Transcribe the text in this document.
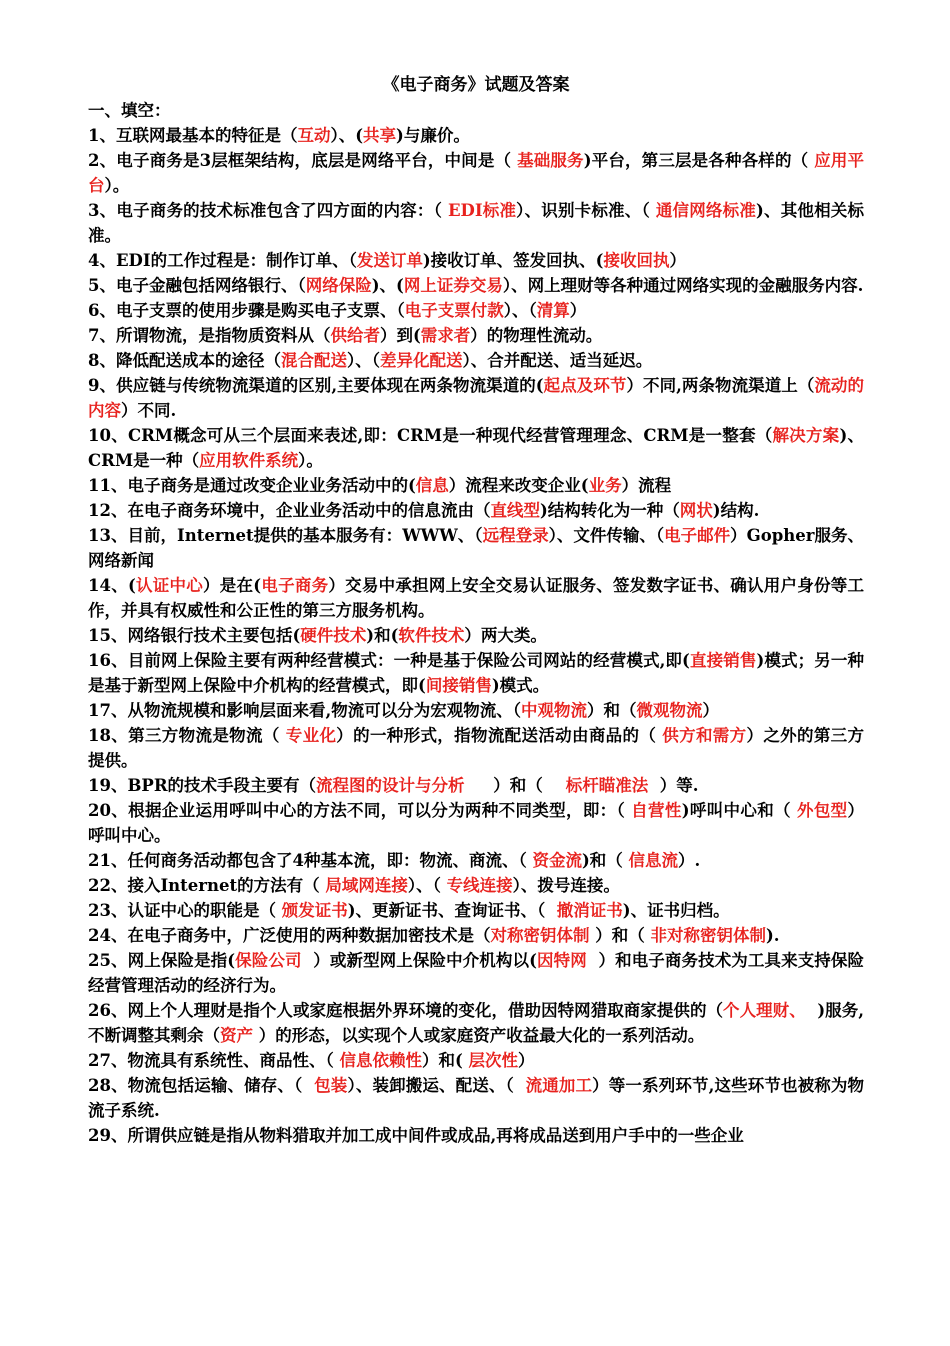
《电子商务》试题及答案

一、填空：

1、互联网最基本的特征是（互动）、(共享)与廉价。

2、电子商务是3层框架结构，底层是网络平台，中间是（ 基础服务)平台，第三层是各种各样的（ 应用平台）。

3、电子商务的技术标准包含了四方面的内容：（ EDI标准）、识别卡标准、（ 通信网络标准)、其他相关标准。

4、EDI的工作过程是：制作订单、（发送订单)接收订单、签发回执、(接收回执）

5、电子金融包括网络银行、（网络保险)、(网上证券交易）、网上理财等各种通过网络实现的金融服务内容.

6、电子支票的使用步骤是购买电子支票、（电子支票付款）、（清算）

7、所谓物流，是指物质资料从（供给者）到(需求者）的物理性流动。

8、降低配送成本的途径（混合配送）、（差异化配送）、合并配送、适当延迟。

9、供应链与传统物流渠道的区别,主要体现在两条物流渠道的(起点及环节）不同,两条物流渠道上（流动的内容）不同.

10、CRM概念可从三个层面来表述,即：CRM是一种现代经营管理理念、CRM是一整套（解决方案)、CRM是一种（应用软件系统）。

11、电子商务是通过改变企业业务活动中的(信息）流程来改变企业(业务）流程

12、在电子商务环境中，企业业务活动中的信息流由（直线型)结构转化为一种（网状)结构.

13、目前，Internet提供的基本服务有：WWW、（远程登录）、文件传输、（电子邮件）Gopher服务、网络新闻

14、(认证中心）是在(电子商务）交易中承担网上安全交易认证服务、签发数字证书、确认用户身份等工作，并具有权威性和公正性的第三方服务机构。

15、网络银行技术主要包括(硬件技术)和(软件技术）两大类。

16、目前网上保险主要有两种经营模式：一种是基于保险公司网站的经营模式,即(直接销售)模式；另一种是基于新型网上保险中介机构的经营模式，即(间接销售)模式。

17、从物流规模和影响层面来看,物流可以分为宏观物流、（中观物流）和（微观物流）

18、第三方物流是物流（ 专业化）的一种形式，指物流配送活动由商品的（ 供方和需方）之外的第三方提供。

19、BPR的技术手段主要有（流程图的设计与分析     ）和（    标杆瞄准法  ）等.

20、根据企业运用呼叫中心的方法不同，可以分为两种不同类型，即：（ 自营性)呼叫中心和（ 外包型）呼叫中心。

21、任何商务活动都包含了4种基本流，即：物流、商流、（ 资金流)和（ 信息流）.

22、接入Internet的方法有（ 局域网连接）、（ 专线连接）、拨号连接。

23、认证中心的职能是（ 颁发证书)、更新证书、查询证书、（  撤消证书)、证书归档。

24、在电子商务中，广泛使用的两种数据加密技术是（对称密钥体制 ）和（ 非对称密钥体制).

25、网上保险是指(保险公司  ）或新型网上保险中介机构以(因特网  ）和电子商务技术为工具来支持保险经营管理活动的经济行为。

26、网上个人理财是指个人或家庭根据外界环境的变化，借助因特网猎取商家提供的（个人理财、  )服务,不断调整其剩余（资产 ）的形态，以实现个人或家庭资产收益最大化的一系列活动。

27、物流具有系统性、商品性、（ 信息依赖性）和( 层次性）

28、物流包括运输、储存、（  包装）、装卸搬运、配送、（  流通加工）等一系列环节,这些环节也被称为物流子系统.

29、所谓供应链是指从物料猎取并加工成中间件或成品,再将成品送到用户手中的一些企业
